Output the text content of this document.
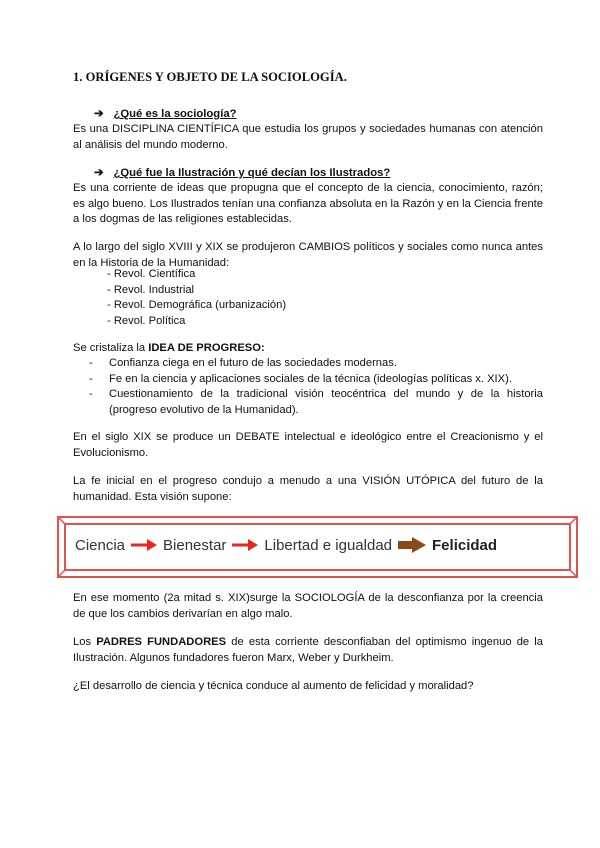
1. ORÍGENES Y OBJETO DE LA SOCIOLOGÍA.
➔ ¿Qué es la sociología?
Es una DISCIPLINA CIENTÍFICA que estudia los grupos y sociedades humanas con atención al análisis del mundo moderno.
➔ ¿Qué fue la Ilustración y qué decían los Ilustrados?
Es una corriente de ideas que propugna que el concepto de la ciencia, conocimiento, razón; es algo bueno. Los Ilustrados tenían una confianza absoluta en la Razón y en la Ciencia frente a los dogmas de las religiones establecidas.
A lo largo del siglo XVIII y XIX se produjeron CAMBIOS políticos y sociales como nunca antes en la Historia de la Humanidad:
- Revol. Científica
- Revol. Industrial
- Revol. Demográfica (urbanización)
- Revol. Política
Se cristaliza la IDEA DE PROGRESO:
- Confianza ciega en el futuro de las sociedades modernas.
- Fe en la ciencia y aplicaciones sociales de la técnica (ideologías políticas x. XIX).
- Cuestionamiento de la tradicional visión teocéntrica del mundo y de la historia (progreso evolutivo de la Humanidad).
En el siglo XIX se produce un DEBATE intelectual e ideológico entre el Creacionismo y el Evolucionismo.
La fe inicial en el progreso condujo a menudo a una VISIÓN UTÓPICA del futuro de la humanidad. Esta visión supone:
Ciencia	Bienestar	Libertad e igualdad	Felicidad
En ese momento (2a mitad s. XIX)surge la SOCIOLOGÍA de la desconfianza por la creencia de que los cambios derivarían en algo malo.
Los PADRES FUNDADORES de esta corriente desconfiaban del optimismo ingenuo de la Ilustración. Algunos fundadores fueron Marx, Weber y Durkheim.
¿El desarrollo de ciencia y técnica conduce al aumento de felicidad y moralidad?
